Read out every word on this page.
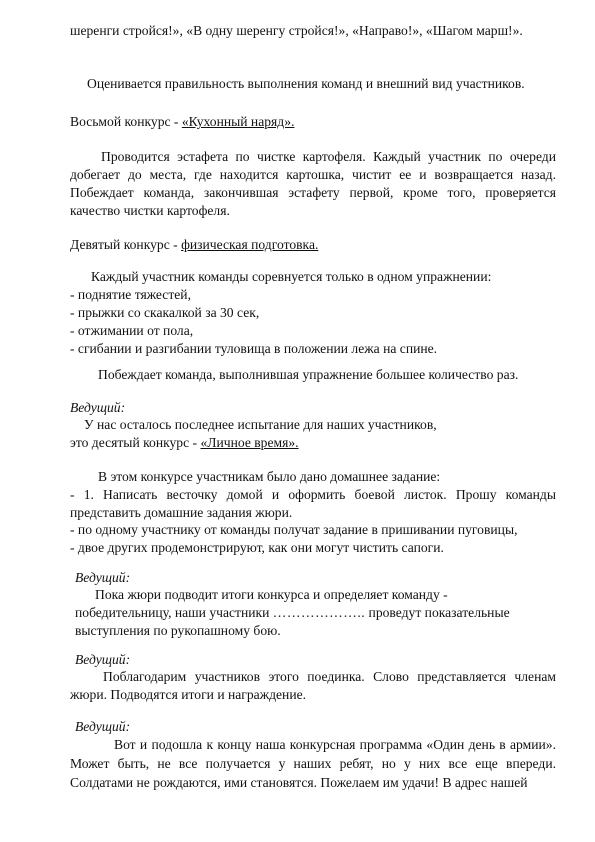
шеренги стройся!», «В одну шеренгу стройся!», «Направо!», «Шагом марш!».

Оценивается правильность выполнения команд и внешний вид участников.

Восьмой конкурс - «Кухонный наряд».

Проводится эстафета по чистке картофеля. Каждый участник по очереди добегает до места, где находится картошка, чистит ее и возвращается назад. Побеждает команда, закончившая эстафету первой, кроме того, проверяется качество чистки картофеля.

Девятый конкурс - физическая подготовка.

Каждый участник команды соревнуется только в одном упражнении:

- поднятие тяжестей,
- прыжки со скакалкой за 30 сек,
- отжимании от пола,
- сгибании и разгибании туловища в положении лежа на спине.

Побеждает команда, выполнившая упражнение большее количество раз.

Ведущий:

У нас осталось последнее испытание для наших участников,

это десятый конкурс - «Личное время».

В этом конкурсе участникам было дано домашнее задание:

- 1. Написать весточку домой и оформить боевой листок. Прошу команды представить домашние задания жюри.

- по одному участнику от команды получат задание в пришивании пуговицы,

- двое других продемонстрируют, как они могут чистить сапоги.

Ведущий:

Пока жюри подводит итоги конкурса и определяет команду -
победительницу, наши участники ……………….. проведут показательные
выступления по рукопашному бою.

Ведущий:

Поблагодарим участников этого поединка. Слово представляется членам жюри. Подводятся итоги и награждение.

Ведущий:

Вот и подошла к концу наша конкурсная программа «Один день в армии». Может быть, не все получается у наших ребят, но у них все еще впереди. Солдатами не рождаются, ими становятся. Пожелаем им удачи! В адрес нашей
